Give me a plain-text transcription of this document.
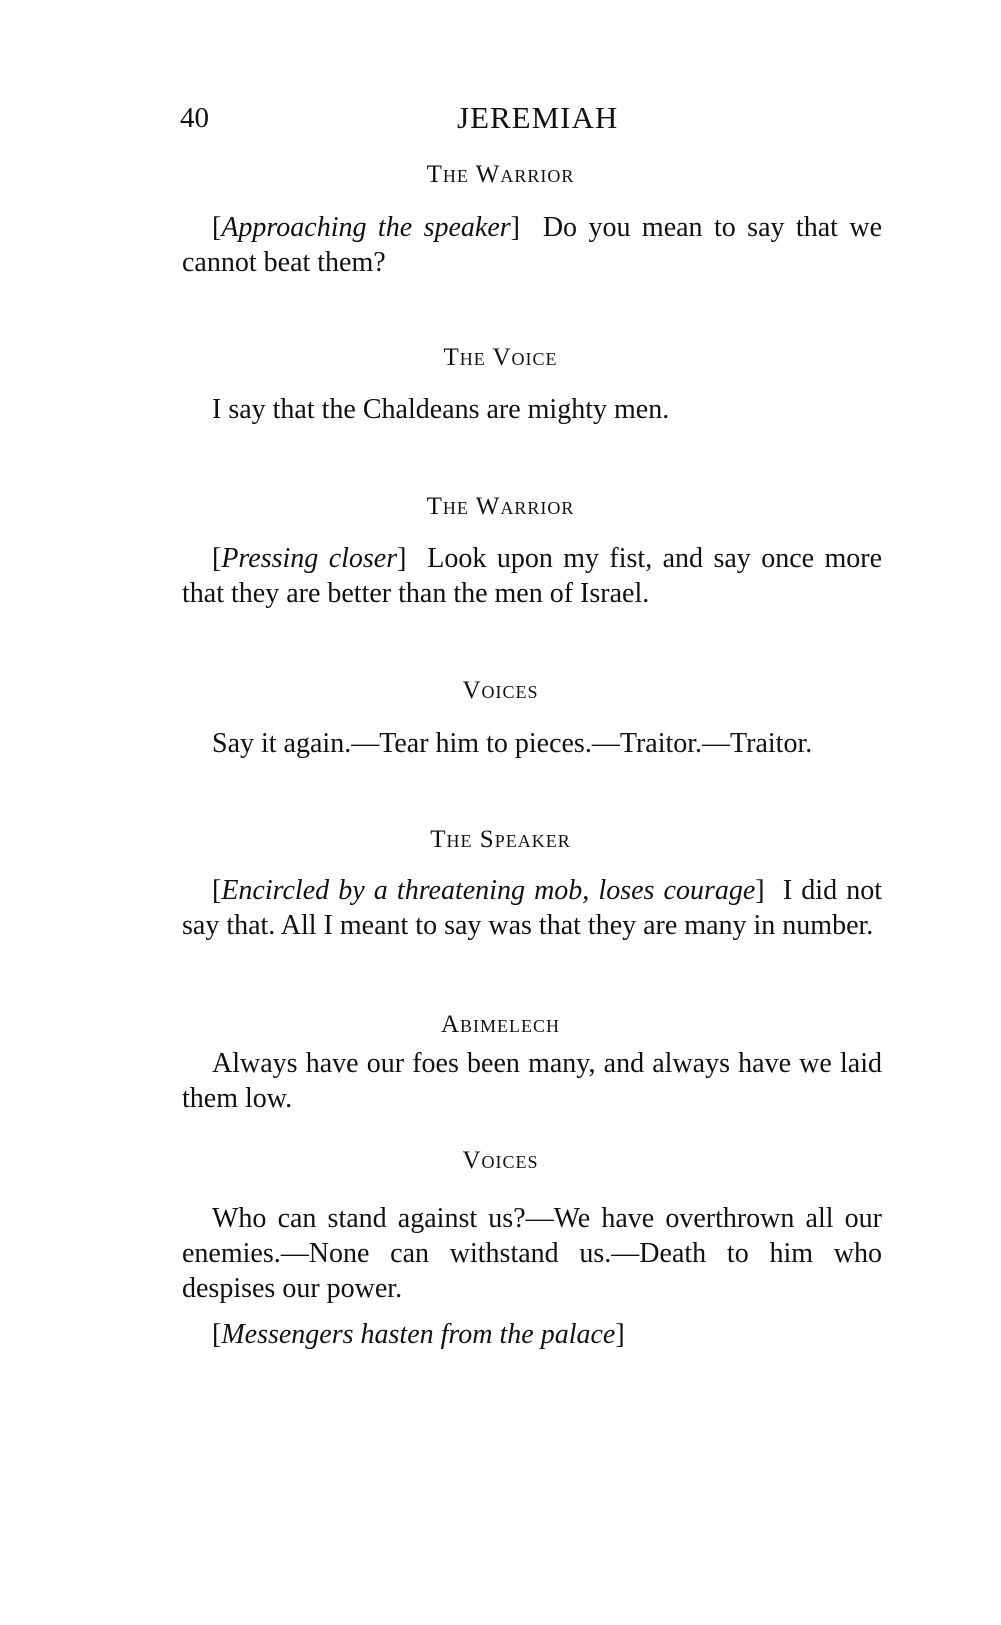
40	JEREMIAH
The Warrior

[Approaching the speaker]  Do you mean to say that we cannot beat them?

The Voice

I say that the Chaldeans are mighty men.

The Warrior

[Pressing closer]  Look upon my fist, and say once more that they are better than the men of Israel.

Voices

Say it again.—Tear him to pieces.—Traitor.—Traitor.

The Speaker

[Encircled by a threatening mob, loses courage]  I did not say that. All I meant to say was that they are many in number.

Abimelech

Always have our foes been many, and always have we laid them low.

Voices

Who can stand against us?—We have overthrown all our enemies.—None can withstand us.—Death to him who despises our power.

[Messengers hasten from the palace]
